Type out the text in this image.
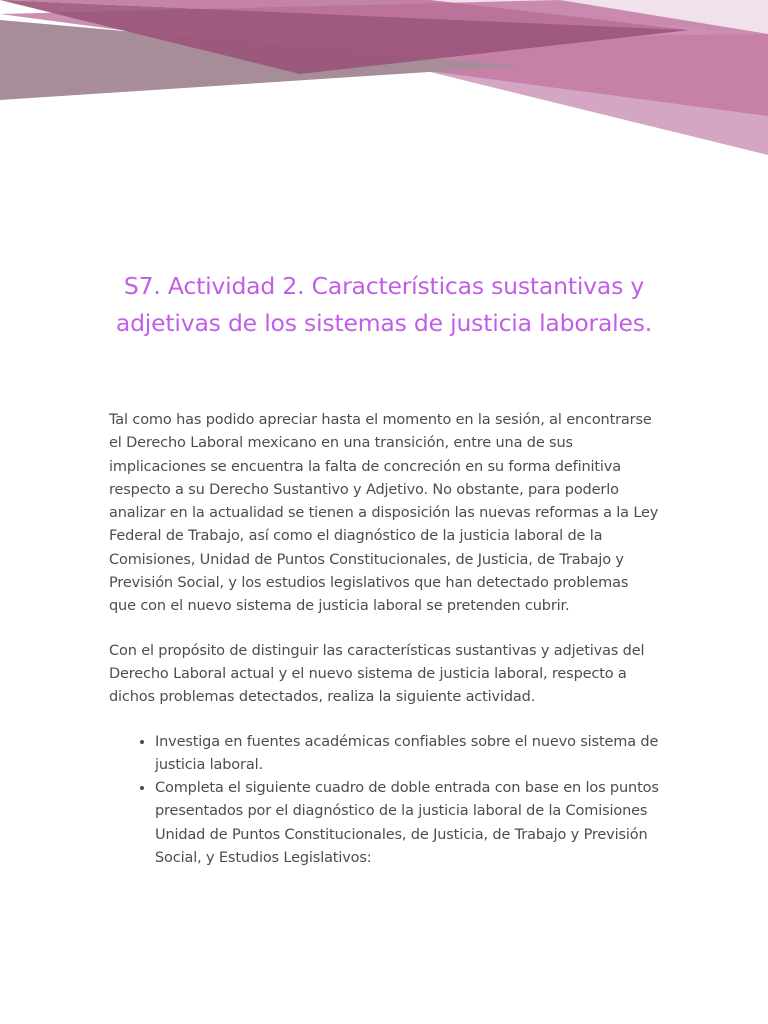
S7. Actividad 2. Características sustantivas y adjetivas de los sistemas de justicia laborales.

Tal como has podido apreciar hasta el momento en la sesión, al encontrarse el Derecho Laboral mexicano en una transición, entre una de sus implicaciones se encuentra la falta de concreción en su forma definitiva respecto a su Derecho Sustantivo y Adjetivo. No obstante, para poderlo analizar en la actualidad se tienen a disposición las nuevas reformas a la Ley Federal de Trabajo, así como el diagnóstico de la justicia laboral de la Comisiones, Unidad de Puntos Constitucionales, de Justicia, de Trabajo y Previsión Social, y los estudios legislativos que han detectado problemas que con el nuevo sistema de justicia laboral se pretenden cubrir.

Con el propósito de distinguir las características sustantivas y adjetivas del Derecho Laboral actual y el nuevo sistema de justicia laboral, respecto a dichos problemas detectados, realiza la siguiente actividad.

• Investiga en fuentes académicas confiables sobre el nuevo sistema de justicia laboral.
• Completa el siguiente cuadro de doble entrada con base en los puntos presentados por el diagnóstico de la justicia laboral de la Comisiones Unidad de Puntos Constitucionales, de Justicia, de Trabajo y Previsión Social, y Estudios Legislativos:
